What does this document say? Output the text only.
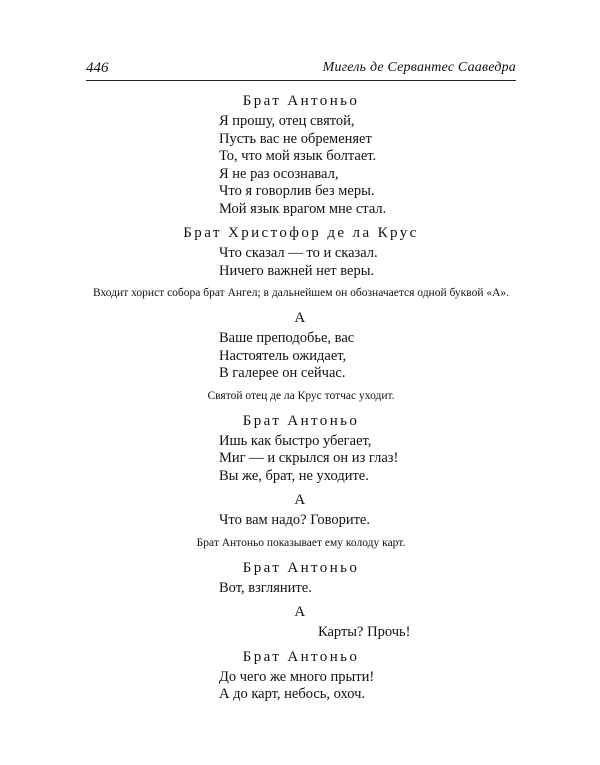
446	Мигель де Сервантес Сааведра
Брат Антоньо
Я прошу, отец святой,
Пусть вас не обременяет
То, что мой язык болтает.
Я не раз осознавал,
Что я говорлив без меры.
Мой язык врагом мне стал.
Брат Христофор де ла Крус
Что сказал — то и сказал.
Ничего важней нет веры.
Входит хорист собора брат Ангел; в дальнейшем он обозначается одной буквой «А».
А
Ваше преподобье, вас
Настоятель ожидает,
В галерее он сейчас.
Святой отец де ла Крус тотчас уходит.
Брат Антоньо
Ишь как быстро убегает,
Миг — и скрылся он из глаз!
Вы же, брат, не уходите.
А
Что вам надо? Говорите.
Брат Антоньо показывает ему колоду карт.
Брат Антоньо
Вот, взгляните.
А
Карты? Прочь!
Брат Антоньо
До чего же много прыти!
А до карт, небось, охоч.
